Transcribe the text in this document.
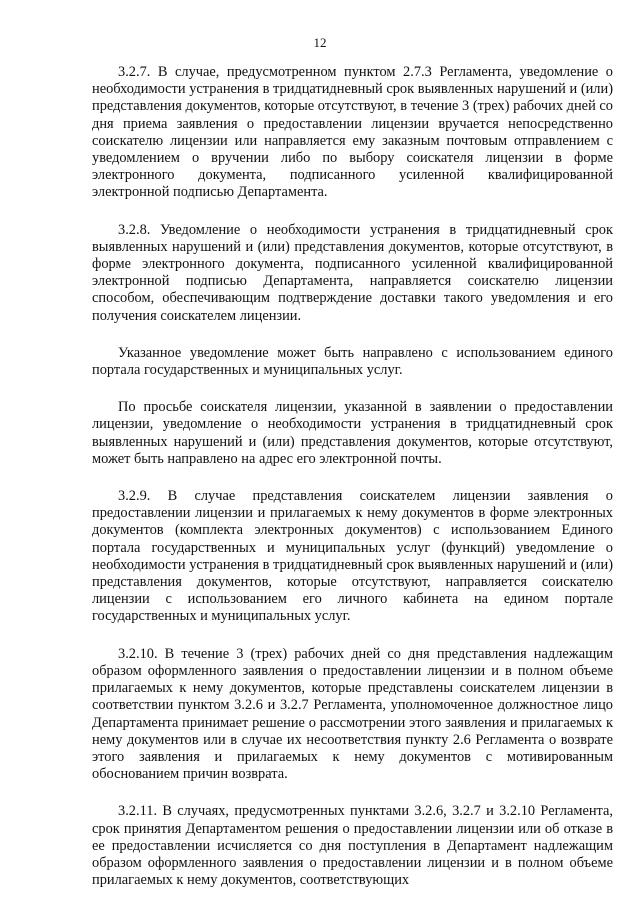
12

3.2.7. В случае, предусмотренном пунктом 2.7.3 Регламента, уведомление о необходимости устранения в тридцатидневный срок выявленных нарушений и (или) представления документов, которые отсутствуют, в течение 3 (трех) рабочих дней со дня приема заявления о предоставлении лицензии вручается непосредственно соискателю лицензии или направляется ему заказным почтовым отправлением с уведомлением о вручении либо по выбору соискателя лицензии в форме электронного документа, подписанного усиленной квалифицированной электронной подписью Департамента.

3.2.8. Уведомление о необходимости устранения в тридцатидневный срок выявленных нарушений и (или) представления документов, которые отсутствуют, в форме электронного документа, подписанного усиленной квалифицированной электронной подписью Департамента, направляется соискателю лицензии способом, обеспечивающим подтверждение доставки такого уведомления и его получения соискателем лицензии.

Указанное уведомление может быть направлено с использованием единого портала государственных и муниципальных услуг.

По просьбе соискателя лицензии, указанной в заявлении о предоставлении лицензии, уведомление о необходимости устранения в тридцатидневный срок выявленных нарушений и (или) представления документов, которые отсутствуют, может быть направлено на адрес его электронной почты.

3.2.9. В случае представления соискателем лицензии заявления о предоставлении лицензии и прилагаемых к нему документов в форме электронных документов (комплекта электронных документов) с использованием Единого портала государственных и муниципальных услуг (функций) уведомление о необходимости устранения в тридцатидневный срок выявленных нарушений и (или) представления документов, которые отсутствуют, направляется соискателю лицензии с использованием его личного кабинета на едином портале государственных и муниципальных услуг.

3.2.10. В течение 3 (трех) рабочих дней со дня представления надлежащим образом оформленного заявления о предоставлении лицензии и в полном объеме прилагаемых к нему документов, которые представлены соискателем лицензии в соответствии пунктом 3.2.6 и 3.2.7 Регламента, уполномоченное должностное лицо Департамента принимает решение о рассмотрении этого заявления и прилагаемых к нему документов или в случае их несоответствия пункту 2.6 Регламента о возврате этого заявления и прилагаемых к нему документов с мотивированным обоснованием причин возврата.

3.2.11. В случаях, предусмотренных пунктами 3.2.6, 3.2.7 и 3.2.10 Регламента, срок принятия Департаментом решения о предоставлении лицензии или об отказе в ее предоставлении исчисляется со дня поступления в Департамент надлежащим образом оформленного заявления о предоставлении лицензии и в полном объеме прилагаемых к нему документов, соответствующих
